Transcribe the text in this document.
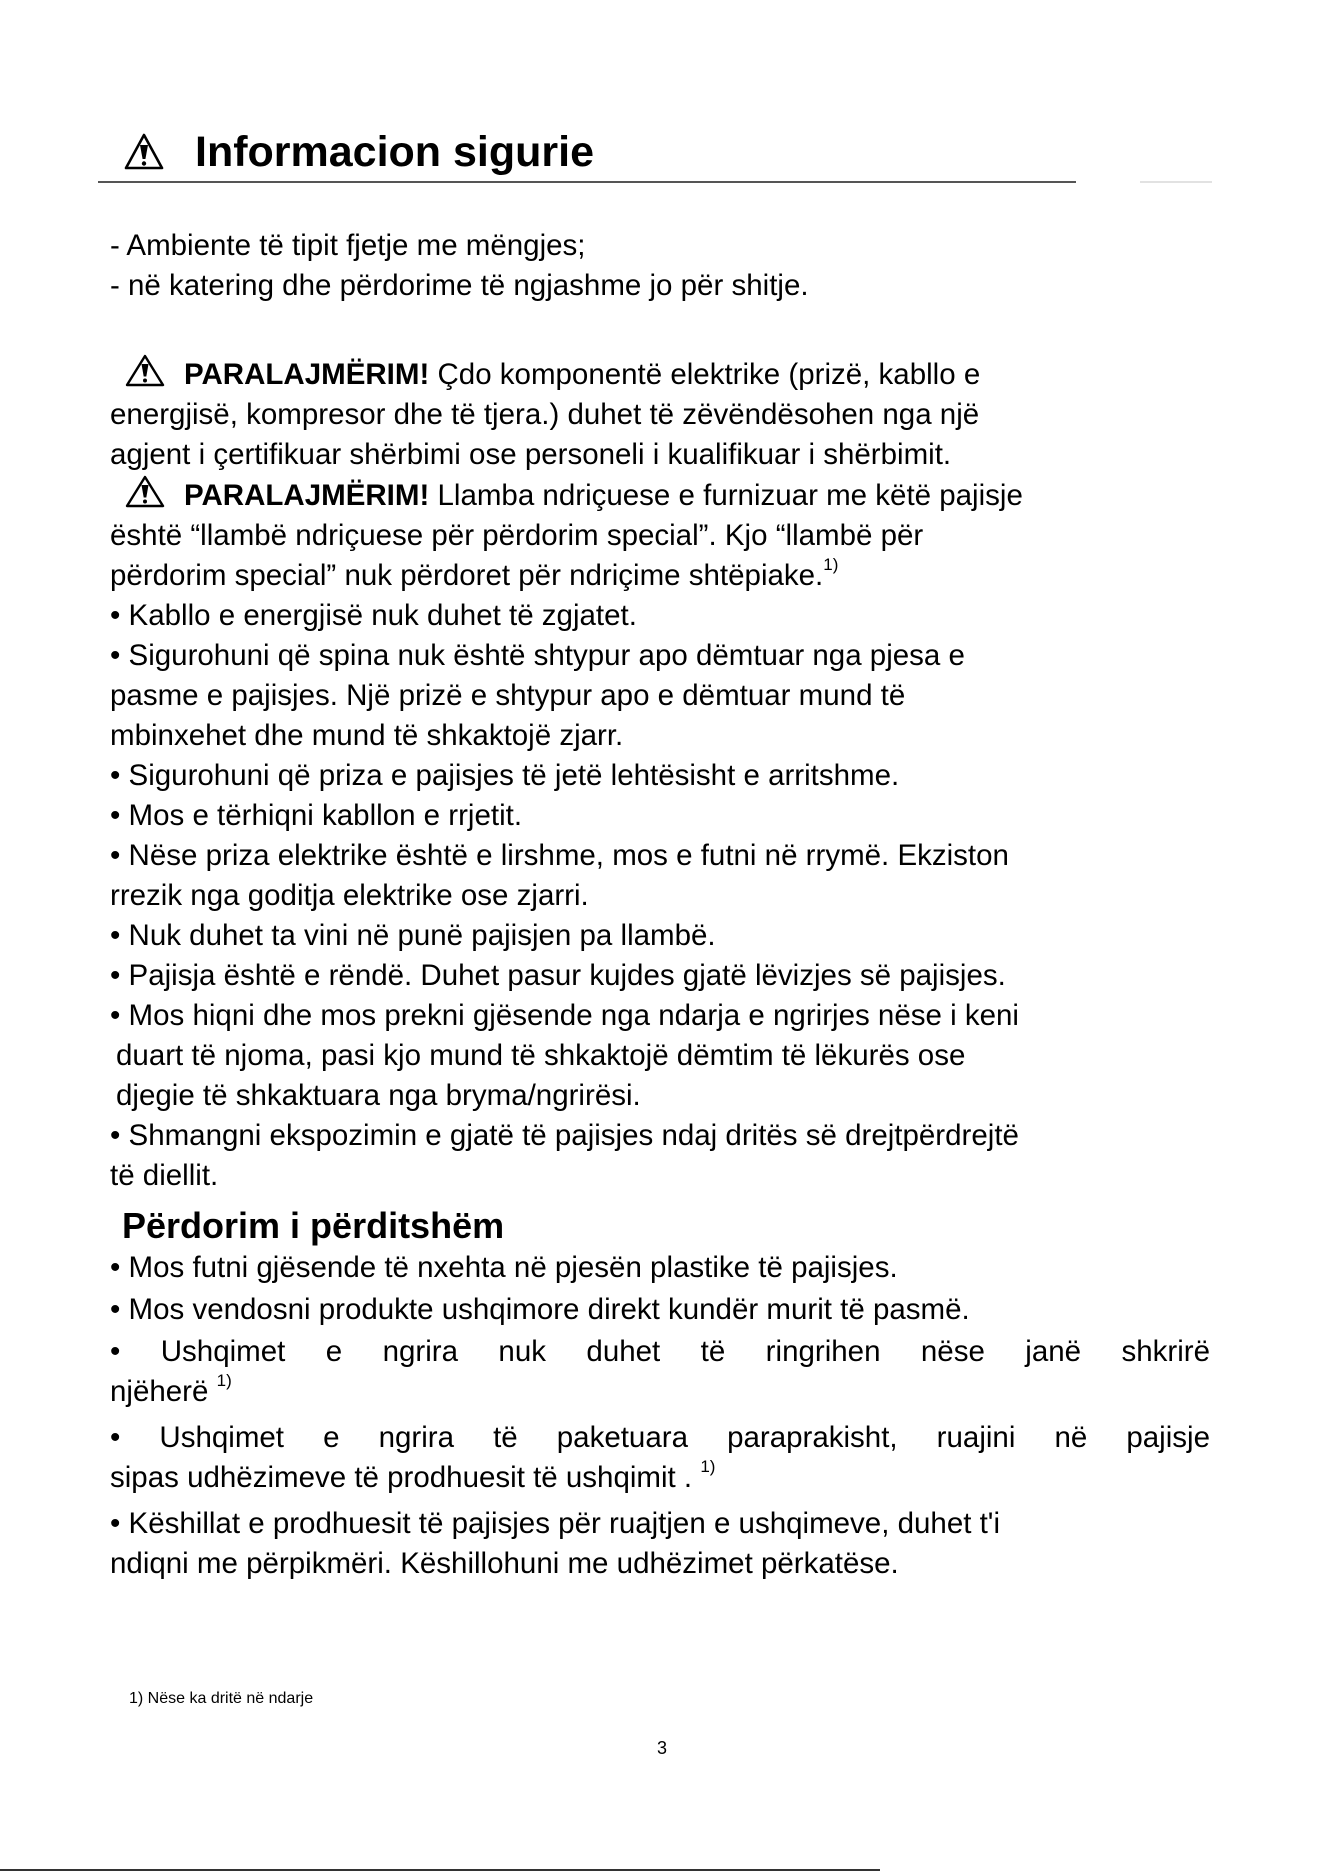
Informacion sigurie

- Ambiente të tipit fjetje me mëngjes;

- në katering dhe përdorime të ngjashme jo për shitje.

PARALAJMËRIM! Çdo komponentë elektrike (prizë, kabllo e

energjisë, kompresor dhe të tjera.) duhet të zëvëndësohen nga një

agjent i çertifikuar shërbimi ose personeli i kualifikuar i shërbimit.

PARALAJMËRIM! Llamba ndriçuese e furnizuar me këtë pajisje

është “llambë ndriçuese për përdorim special”. Kjo “llambë për

përdorim special” nuk përdoret për ndriçime shtëpiake.$^{1)}$

• Kabllo e energjisë nuk duhet të zgjatet.

• Sigurohuni që spina nuk është shtypur apo dëmtuar nga pjesa e

pasme e pajisjes. Një prizë e shtypur apo e dëmtuar mund të

mbinxehet dhe mund të shkaktojë zjarr.

• Sigurohuni që priza e pajisjes të jetë lehtësisht e arritshme.

• Mos e tërhiqni kabllon e rrjetit.

• Nëse priza elektrike është e lirshme, mos e futni në rrymë. Ekziston

rrezik nga goditja elektrike ose zjarri.

• Nuk duhet ta vini në punë pajisjen pa llambë.

• Pajisja është e rëndë. Duhet pasur kujdes gjatë lëvizjes së pajisjes.

• Mos hiqni dhe mos prekni gjësende nga ndarja e ngrirjes nëse i keni

duart të njoma, pasi kjo mund të shkaktojë dëmtim të lëkurës ose

djegie të shkaktuara nga bryma/ngrirësi.

• Shmangni ekspozimin e gjatë të pajisjes ndaj dritës së drejtpërdrejtë

të diellit.

Përdorim i përditshëm

• Mos futni gjësende të nxehta në pjesën plastike të pajisjes.

• Mos vendosni produkte ushqimore direkt kundër murit të pasmë.

• Ushqimet e ngrira nuk duhet të ringrihen nëse janë shkrirë

njëherë $^{1)}$

• Ushqimet e ngrira të paketuara paraprakisht, ruajini në pajisje

sipas udhëzimeve të prodhuesit të ushqimit . $^{1)}$

• Këshillat e prodhuesit të pajisjes për ruajtjen e ushqimeve, duhet t'i

ndiqni me përpikmëri. Këshillohuni me udhëzimet përkatëse.

1) Nëse ka dritë në ndarje
3
